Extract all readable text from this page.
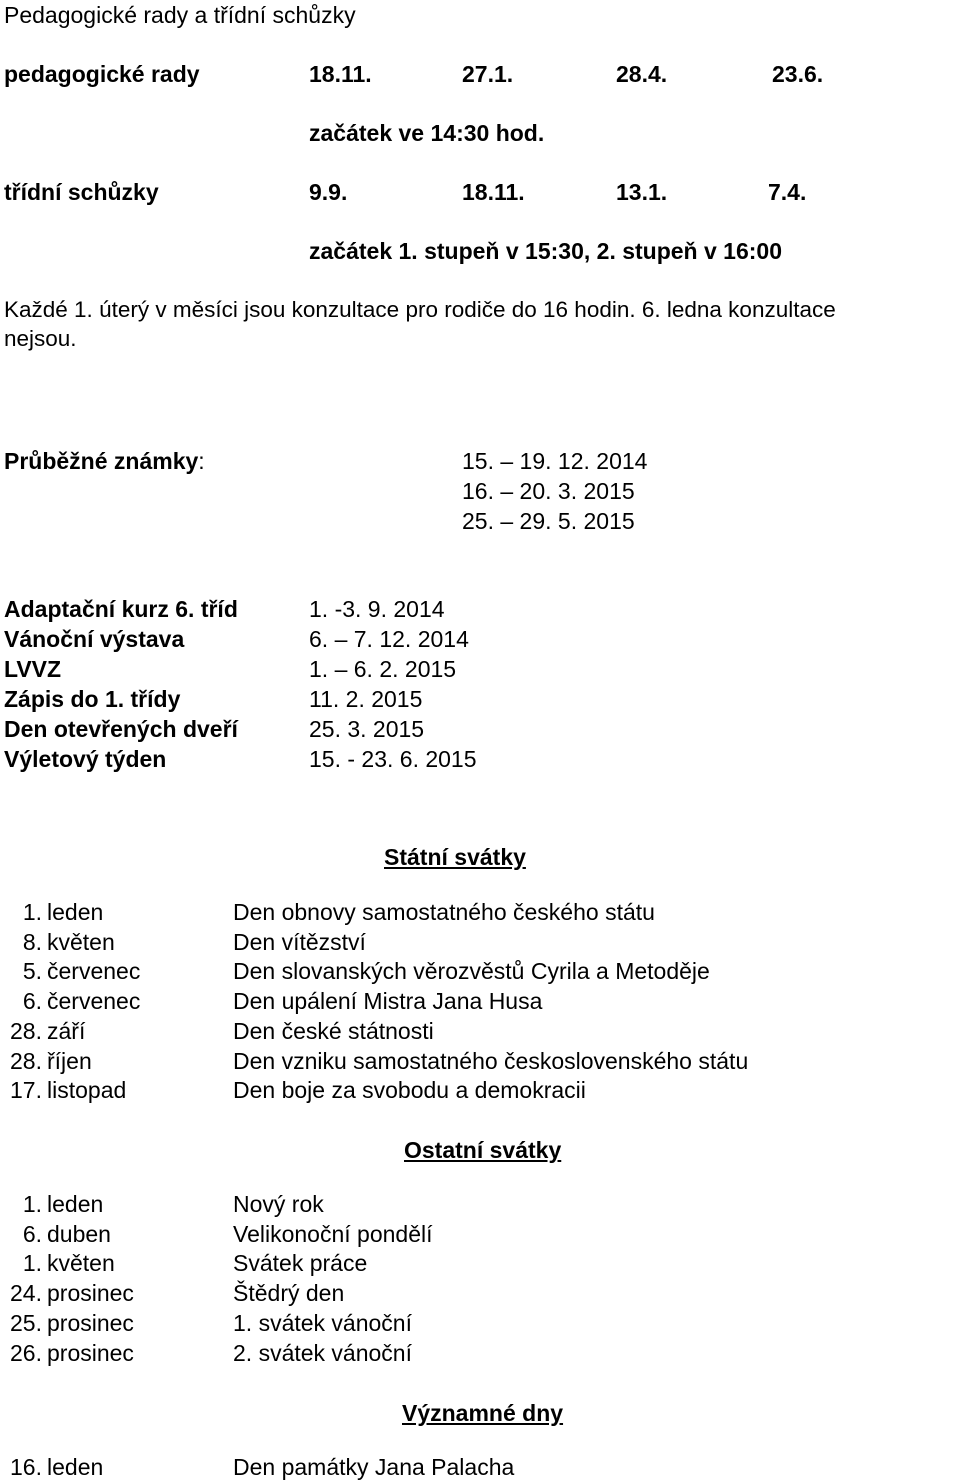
Pedagogické rady a třídní schůzky
pedagogické rady	18.11.	27.1.	28.4.	23.6.
začátek ve 14:30 hod.
třídní schůzky	9.9.	18.11.	13.1.	7.4.
začátek 1. stupeň v 15:30, 2. stupeň v 16:00
Každé 1. úterý v měsíci jsou konzultace pro rodiče do 16 hodin. 6. ledna konzultace
nejsou.
Průběžné známky:	15. – 19. 12. 2014
16. – 20. 3. 2015
25. – 29. 5. 2015
Adaptační kurz 6. tříd	1. -3. 9. 2014
Vánoční výstava	6. – 7. 12. 2014
LVVZ	1. – 6. 2. 2015
Zápis do 1. třídy	11. 2. 2015
Den otevřených dveří	25. 3. 2015
Výletový týden	15. - 23. 6. 2015
Státní svátky
1. leden	Den obnovy samostatného českého státu
8. květen	Den vítězství
5. červenec	Den slovanských věrozvěstů Cyrila a Metoděje
6. červenec	Den upálení Mistra Jana Husa
28. září	Den české státnosti
28. říjen	Den vzniku samostatného československého státu
17. listopad	Den boje za svobodu a demokracii
Ostatní svátky
1. leden	Nový rok
6. duben	Velikonoční pondělí
1. květen	Svátek práce
24. prosinec	Štědrý den
25. prosinec	1. svátek vánoční
26. prosinec	2. svátek vánoční
Významné dny
16. leden	Den památky Jana Palacha
